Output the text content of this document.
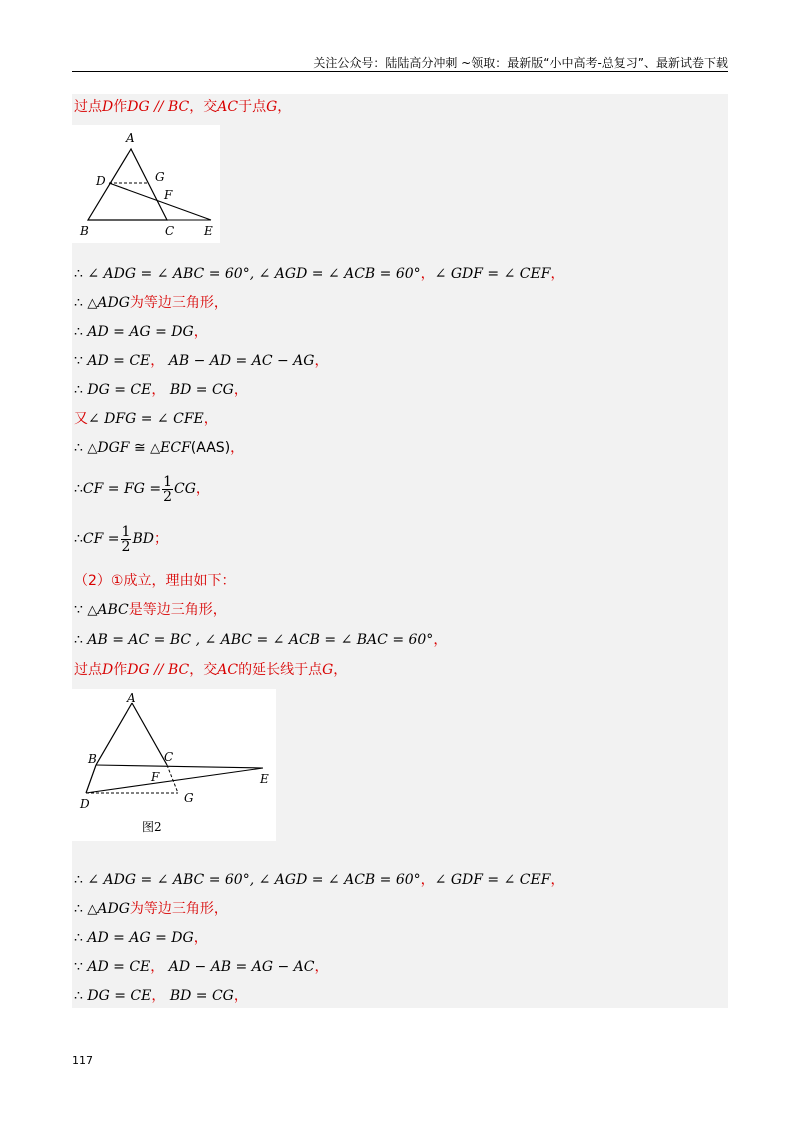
关注公众号：陆陆高分冲刺 ~领取：最新版“小中高考-总复习”、最新试卷下载
过点D作DG // BC，交AC于点G，
A
D	G
F
B	C E
∴ ∠ ADG = ∠ ABC = 60°, ∠ AGD = ∠ ACB = 60°，∠ GDF = ∠ CEF，
∴ △ADG为等边三角形，
∴ AD = AG = DG，
∵ AD = CE， AB − AD = AC − AG，
∴ DG = CE， BD = CG，
又∠ DFG = ∠ CFE，
∴ △DGF ≅ △ECF(AAS)，
∴CF = FG = $\frac{1}{2}$ CG，
∴CF = $\frac{1}{2}$ BD；
（2）①成立，理由如下：
∵ △ABC是等边三角形，
∴ AB = AC = BC , ∠ ABC = ∠ ACB = ∠ BAC = 60°，
过点D作DG // BC，交AC的延长线于点G，
A
B	C
E
F
D	G
图2
∴ ∠ ADG = ∠ ABC = 60°, ∠ AGD = ∠ ACB = 60°，∠ GDF = ∠ CEF，
∴ △ADG为等边三角形，
∴ AD = AG = DG，
∵ AD = CE， AD − AB = AG − AC，
∴ DG = CE， BD = CG，
117
